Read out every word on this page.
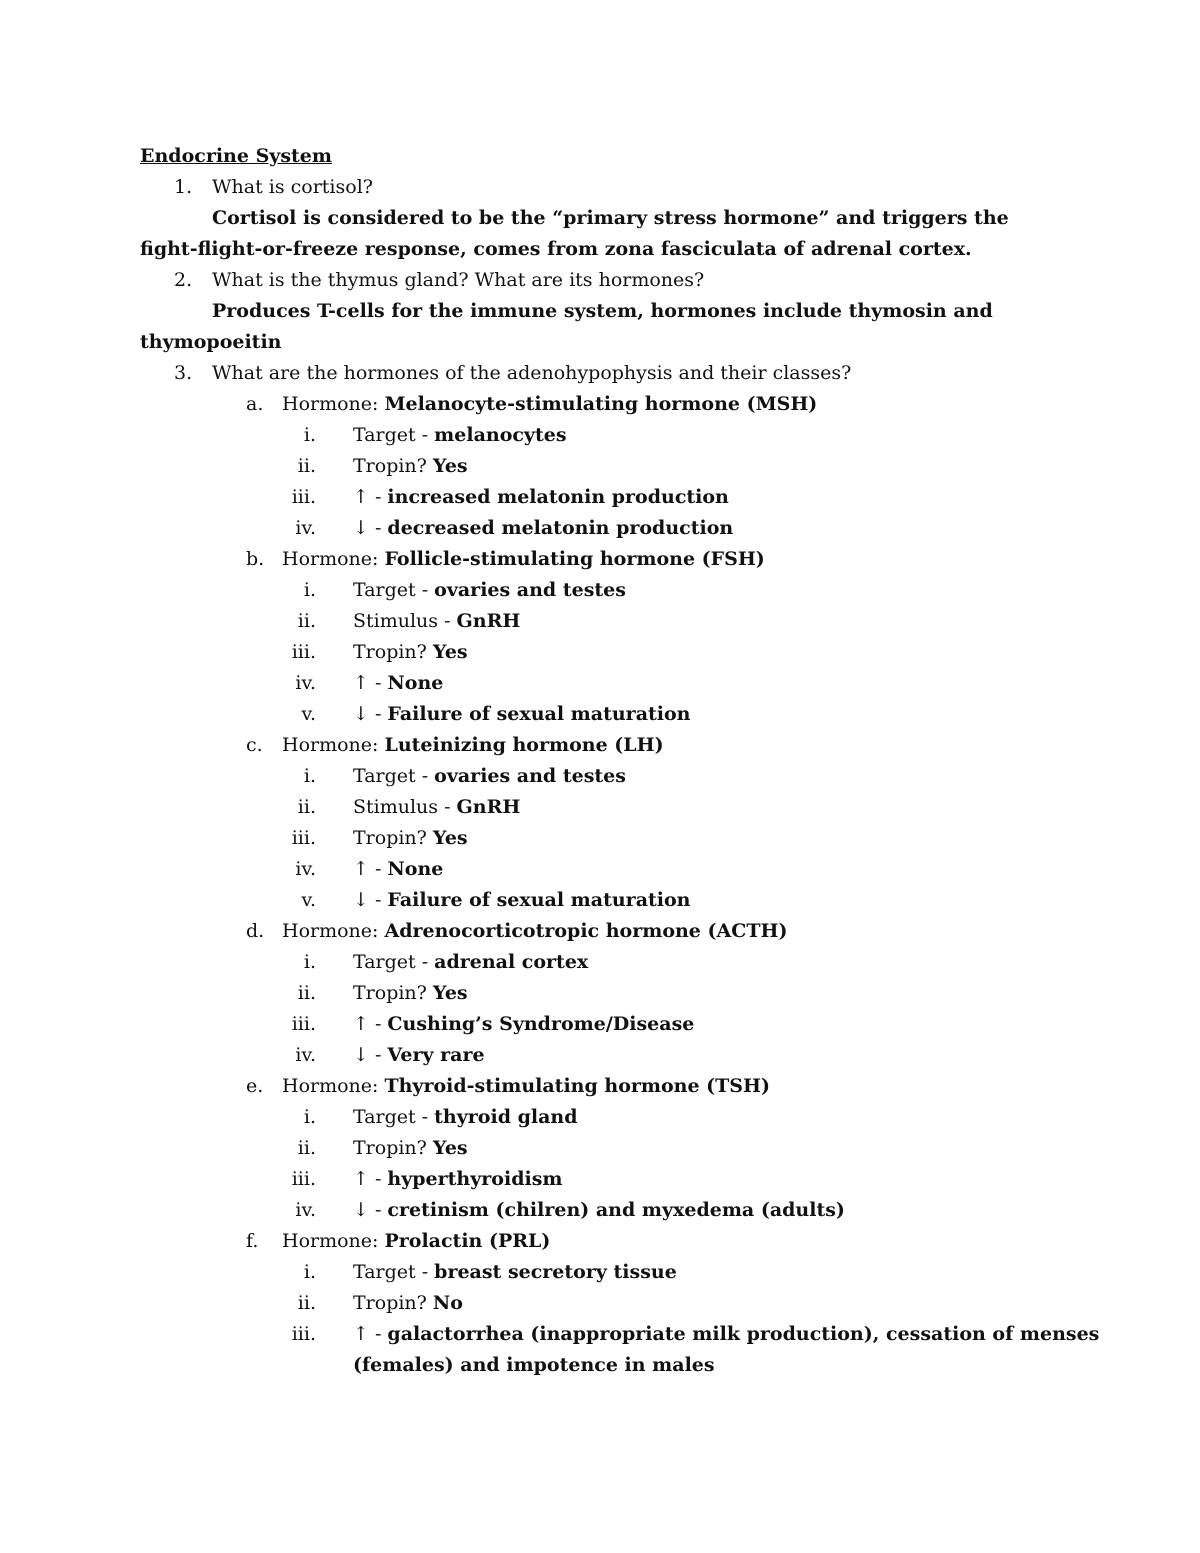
Endocrine System
1. What is cortisol?
Cortisol is considered to be the “primary stress hormone” and triggers the
fight-flight-or-freeze response, comes from zona fasciculata of adrenal cortex.
2. What is the thymus gland? What are its hormones?
Produces T-cells for the immune system, hormones include thymosin and
thymopoeitin
3. What are the hormones of the adenohypophysis and their classes?
a. Hormone: Melanocyte-stimulating hormone (MSH)
i. Target - melanocytes
ii. Tropin? Yes
iii. ↑ - increased melatonin production
iv. ↓ - decreased melatonin production
b. Hormone: Follicle-stimulating hormone (FSH)
i. Target - ovaries and testes
ii. Stimulus - GnRH
iii. Tropin? Yes
iv. ↑ - None
v. ↓ - Failure of sexual maturation
c. Hormone: Luteinizing hormone (LH)
i. Target - ovaries and testes
ii. Stimulus - GnRH
iii. Tropin? Yes
iv. ↑ - None
v. ↓ - Failure of sexual maturation
d. Hormone: Adrenocorticotropic hormone (ACTH)
i. Target - adrenal cortex
ii. Tropin? Yes
iii. ↑ - Cushing’s Syndrome/Disease
iv. ↓ - Very rare
e. Hormone: Thyroid-stimulating hormone (TSH)
i. Target - thyroid gland
ii. Tropin? Yes
iii. ↑ - hyperthyroidism
iv. ↓ - cretinism (chilren) and myxedema (adults)
f. Hormone: Prolactin (PRL)
i. Target - breast secretory tissue
ii. Tropin? No
iii. ↑ - galactorrhea (inappropriate milk production), cessation of menses
(females) and impotence in males
